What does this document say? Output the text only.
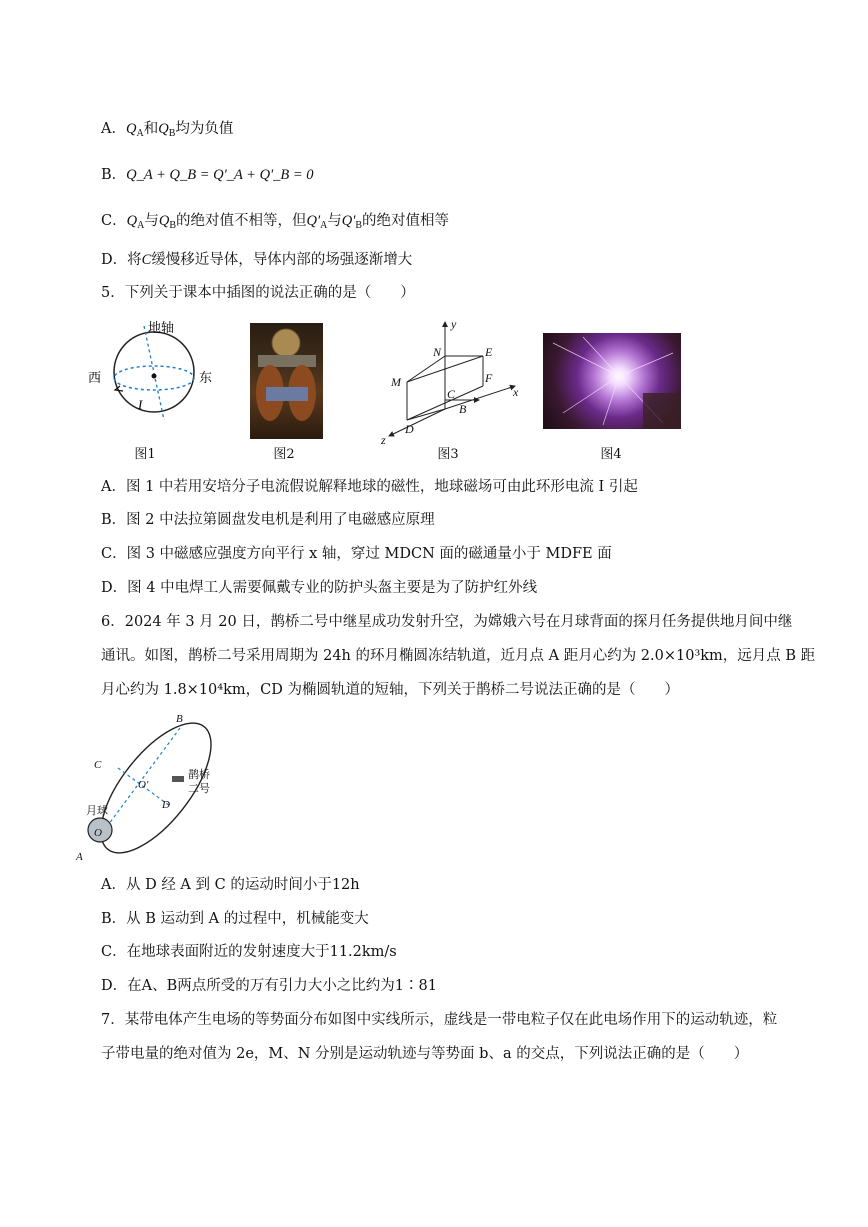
A．$Q_A$和$Q_B$均为负值
B．Q_A + Q_B = Q'_A + Q'_B = 0
C．$Q_A$与$Q_B$的绝对值不相等，但$Q'_A$与$Q'_B$的绝对值相等
D．将C缓慢移近导体，导体内部的场强逐渐增大
5．下列关于课本中插图的说法正确的是（　　）
地轴
西	东
I
图1	图2
y
N	E
M	F
C
B
x
z
D
图3	图4
A．图 1 中若用安培分子电流假说解释地球的磁性，地球磁场可由此环形电流 I 引起
B．图 2 中法拉第圆盘发电机是利用了电磁感应原理
C．图 3 中磁感应强度方向平行 x 轴，穿过 MDCN 面的磁通量小于 MDFE 面
D．图 4 中电焊工人需要佩戴专业的防护头盔主要是为了防护红外线
6．2024 年 3 月 20 日，鹊桥二号中继星成功发射升空，为嫦娥六号在月球背面的探月任务提供地月间中继
通讯。如图，鹊桥二号采用周期为 24h 的环月椭圆冻结轨道，近月点 A 距月心约为 2.0×10³km，远月点 B 距
月心约为 1.8×10⁴km，CD 为椭圆轨道的短轴，下列关于鹊桥二号说法正确的是（　　）
B
C
O'
D
O
A
鹊桥
二号
月球
A．从 D 经 A 到 C 的运动时间小于12h
B．从 B 运动到 A 的过程中，机械能变大
C．在地球表面附近的发射速度大于11.2km/s
D．在A、B两点所受的万有引力大小之比约为1∶81
7．某带电体产生电场的等势面分布如图中实线所示，虚线是一带电粒子仅在此电场作用下的运动轨迹，粒
子带电量的绝对值为 2e，M、N 分别是运动轨迹与等势面 b、a 的交点，下列说法正确的是（　　）
